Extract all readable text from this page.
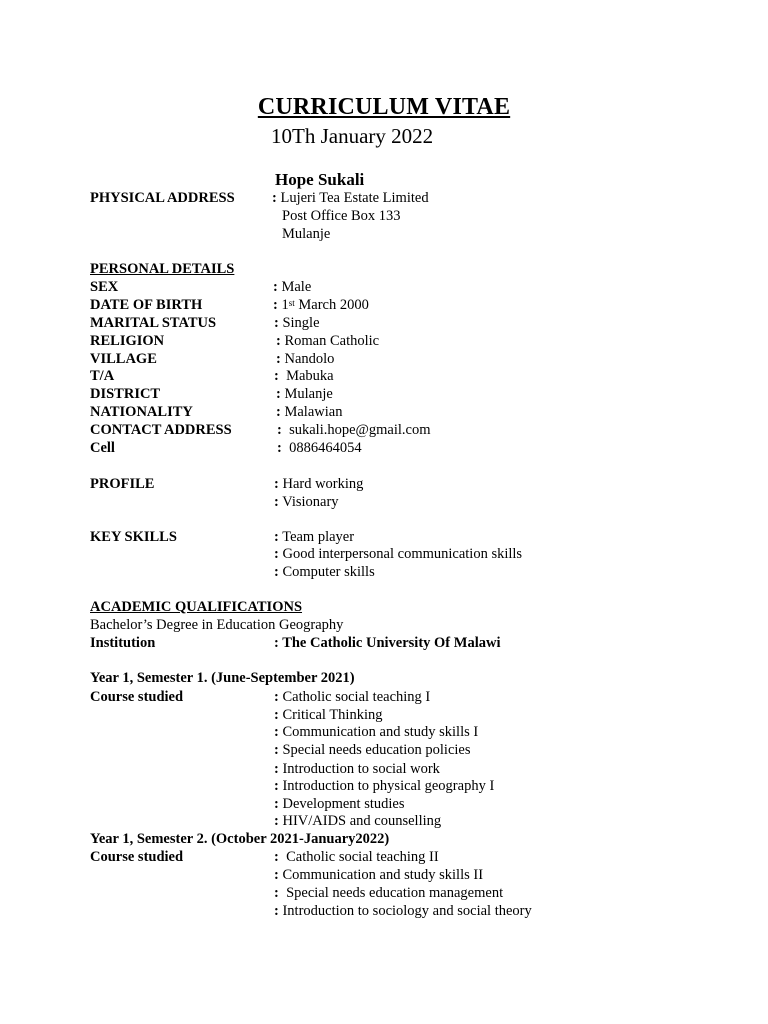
CURRICULUM VITAE
10Th January 2022
Hope Sukali
PHYSICAL ADDRESS	: Lujeri Tea Estate Limited
Post Office Box 133
Mulanje
PERSONAL DETAILS
SEX	: Male
DATE OF BIRTH	: 1st March 2000
MARITAL STATUS	: Single
RELIGION	: Roman Catholic
VILLAGE	: Nandolo
T/A	: Mabuka
DISTRICT	: Mulanje
NATIONALITY	: Malawian
CONTACT ADDRESS	: sukali.hope@gmail.com
Cell	: 0886464054
PROFILE	: Hard working
: Visionary
KEY SKILLS	: Team player
: Good interpersonal communication skills
: Computer skills
ACADEMIC QUALIFICATIONS
Bachelor’s Degree in Education Geography
Institution	: The Catholic University Of Malawi
Year 1, Semester 1. (June-September 2021)
Course studied	: Catholic social teaching I
: Critical Thinking
: Communication and study skills I
: Special needs education policies
: Introduction to social work
: Introduction to physical geography I
: Development studies
: HIV/AIDS and counselling
Year 1, Semester 2. (October 2021-January2022)
Course studied	: Catholic social teaching II
: Communication and study skills II
: Special needs education management
: Introduction to sociology and social theory
